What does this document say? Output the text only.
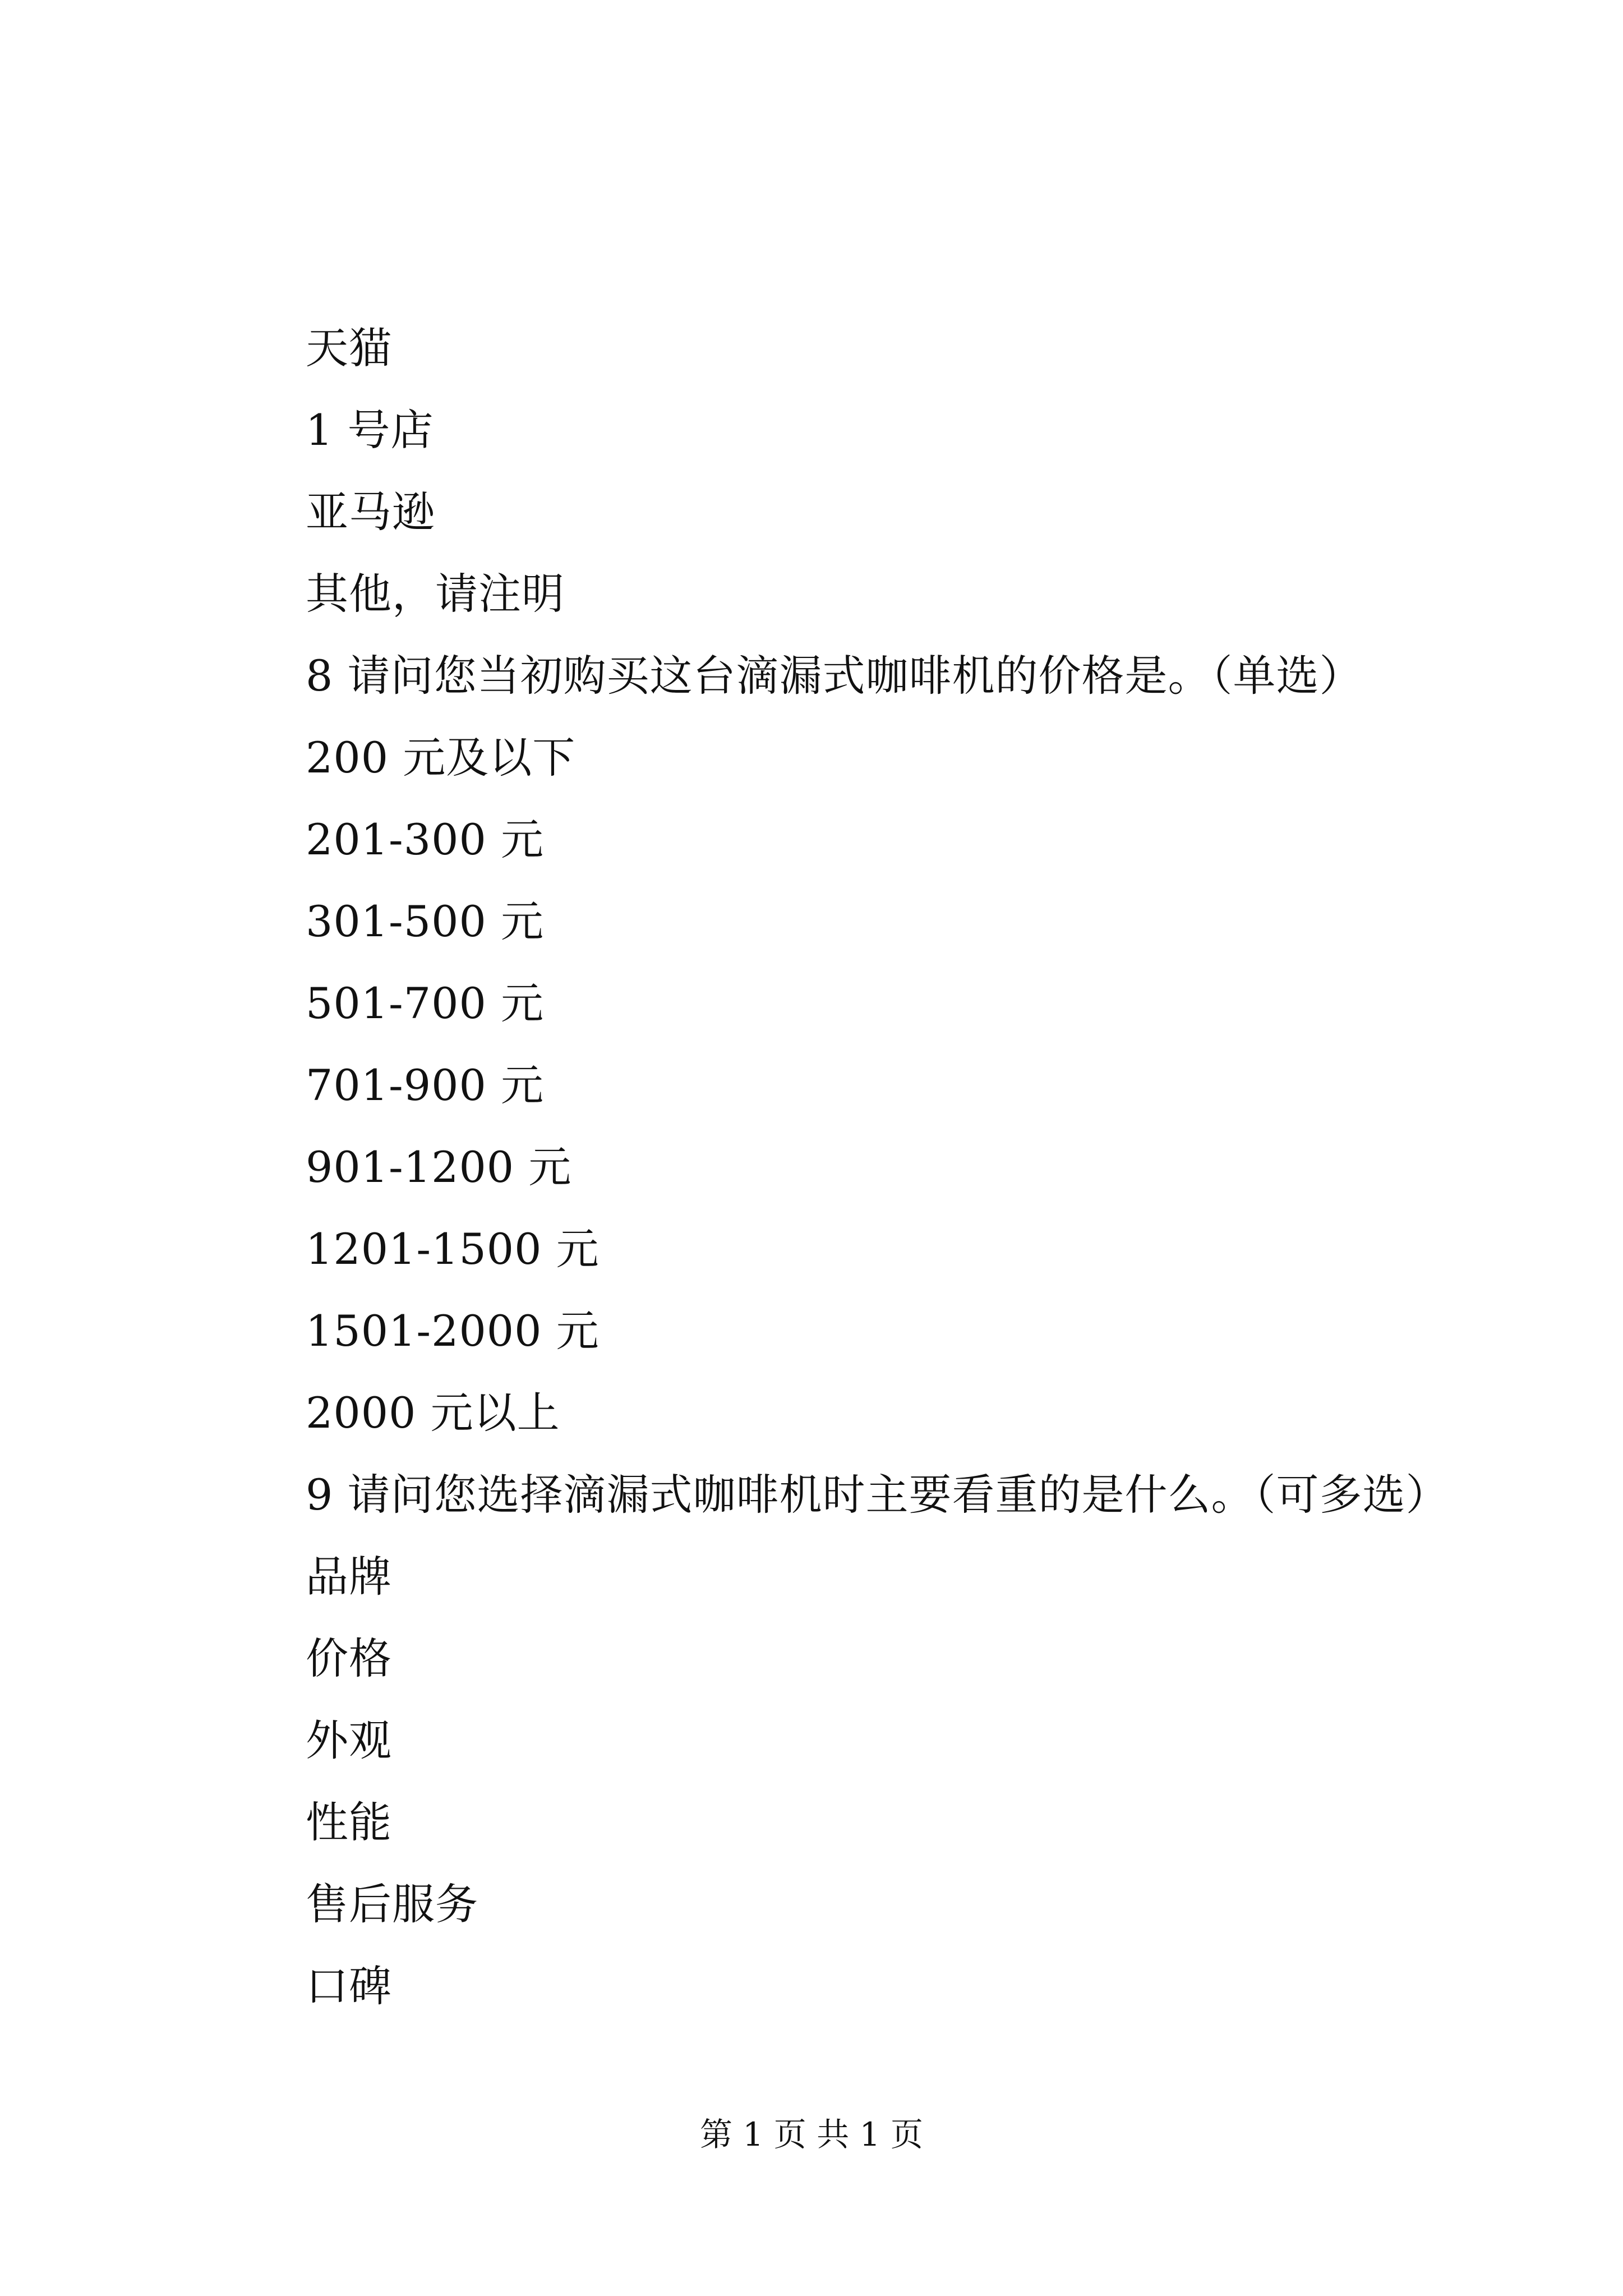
天猫
1 号店
亚马逊
其他，请注明
8 请问您当初购买这台滴漏式咖啡机的价格是。（单选）
200 元及以下
201-300 元
301-500 元
501-700 元
701-900 元
901-1200 元
1201-1500 元
1501-2000 元
2000 元以上
9 请问您选择滴漏式咖啡机时主要看重的是什么。（可多选）
品牌
价格
外观
性能
售后服务
口碑
第 1 页 共 1 页
